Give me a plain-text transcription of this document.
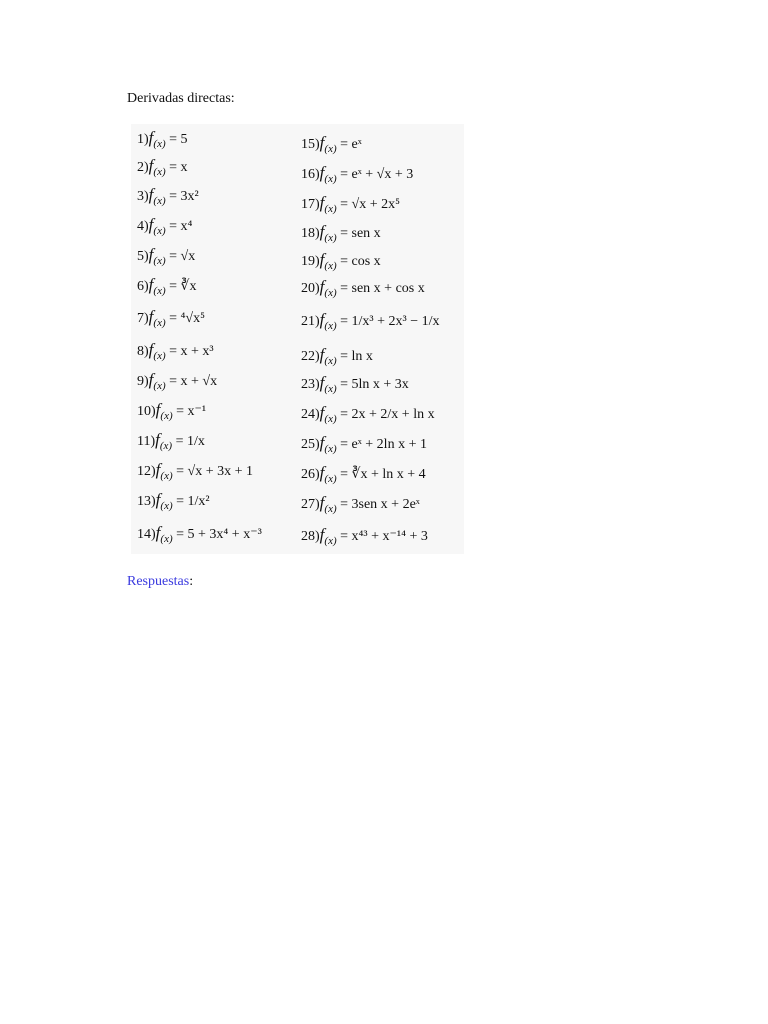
Derivadas directas:
$1)f_{(x)} = 5$
$2)f_{(x)} = x$
$3)f_{(x)} = 3x^2$
$4)f_{(x)} = x^4$
$5)f_{(x)} = √x$
$6)f_{(x)}$ = ∛x
$7)f_{(x)} = ^4√x^5$
$8)f_{(x)} = x + x^3$
$9)f_{(x)} = x + √x$
$10)f_{(x)} = x^{-1}$
$11)f_{(x)} = 1/x$
$12)f_{(x)} = √x + 3x + 1$
$13)f_{(x)} = 1/x^2$
$14)f_{(x)} = 5 + 3x^4 + x^{-3}$
$15)f_{(x)}$ = eˣ
$16)f_{(x)}$ = eˣ + √x + 3
$17)f_{(x)} = √x + 2x^5$
$18)f_{(x)}$ = sen x
$19)f_{(x)} = \cos x$
$20)f_{(x)}$ = sen x + cos x
$21)f_{(x)} = 1/x^3 + 2x^3 - 1/x$
$22)f_{(x)} = \ln x$
$23)f_{(x)} = 5\ln$ x + 3x
$24)f_{(x)} = 2x + 2/x + \ln x$
$25)f_{(x)}$ = eˣ + 2ln x + 1
$26)f_{(x)}$ = ∛x + ln x + 4
$27)f_{(x)} = 3sen$ x + 2eˣ
$28)f_{(x)} = x^{43} + x^{-14} + 3$
Respuestas:
